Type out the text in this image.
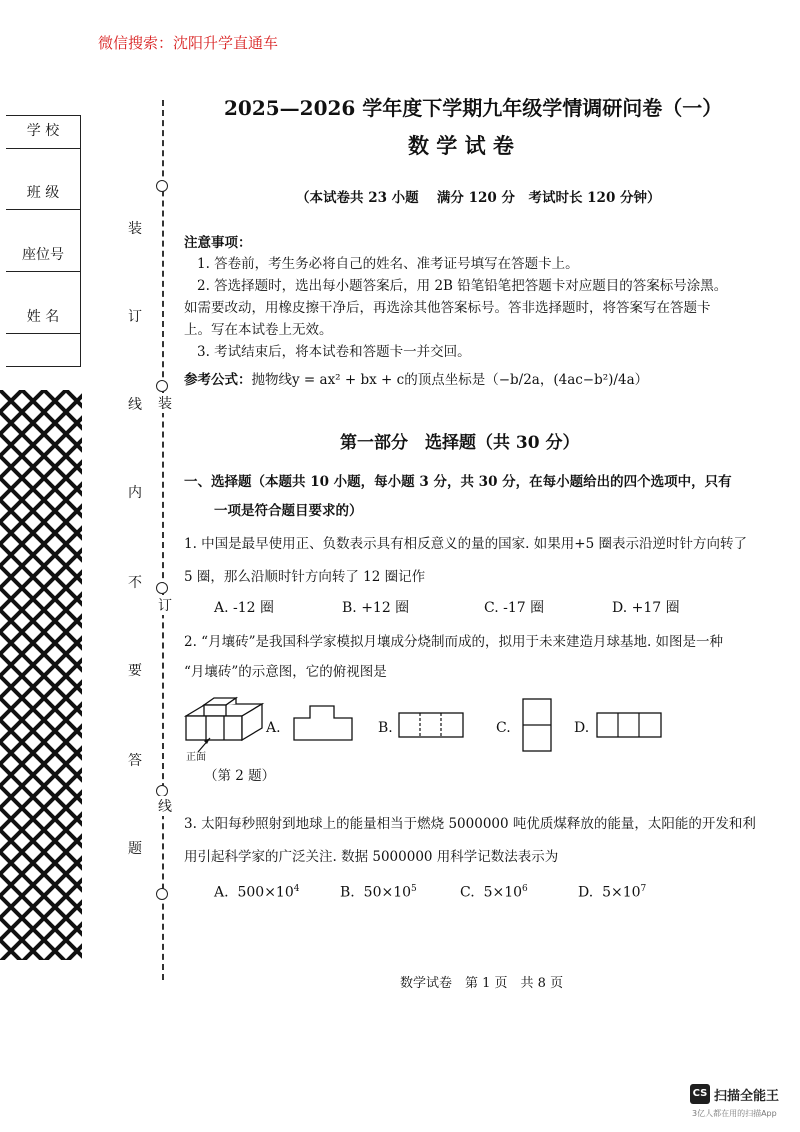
微信搜索：沈阳升学直通车
学 校
班 级
座位号
姓 名
装
订
线
内
不
要
答
题
装
订
线
2025—2026 学年度下学期九年级学情调研问卷（一）
数 学 试 卷
（本试卷共 23 小题　 满分 120 分　考试时长 120 分钟）
注意事项：
1. 答卷前，考生务必将自己的姓名、准考证号填写在答题卡上。
2. 答选择题时，选出每小题答案后，用 2B 铅笔铅笔把答题卡对应题目的答案标号涂黑。
如需要改动，用橡皮擦干净后，再选涂其他答案标号。答非选择题时，将答案写在答题卡
上。写在本试卷上无效。
3. 考试结束后，将本试卷和答题卡一并交回。
参考公式：抛物线y = ax² + bx + c的顶点坐标是（−b/2a，(4ac−b²)/4a）
第一部分　选择题（共 30 分）
一、选择题（本题共 10 小题，每小题 3 分，共 30 分，在每小题给出的四个选项中，只有
一项是符合题目要求的）
1. 中国是最早使用正、负数表示具有相反意义的量的国家. 如果用+5 圈表示沿逆时针方向转了
5 圈，那么沿顺时针方向转了 12 圈记作
A. -12 圈	B. +12 圈	C. -17 圈	D. +17 圈
2. “月壤砖”是我国科学家模拟月壤成分烧制而成的，拟用于未来建造月球基地. 如图是一种
“月壤砖”的示意图，它的俯视图是
正面
（第 2 题）
A.	B.	C.	D.
3. 太阳每秒照射到地球上的能量相当于燃烧 5000000 吨优质煤释放的能量，太阳能的开发和利
用引起科学家的广泛关注. 数据 5000000 用科学记数法表示为
A. $500\times 10^4$	B. $50\times 10^5$	C. $5\times 10^6$	D. $5\times 10^7$
数学试卷　第 1 页　共 8 页
CS 扫描全能王
3亿人都在用的扫描App
